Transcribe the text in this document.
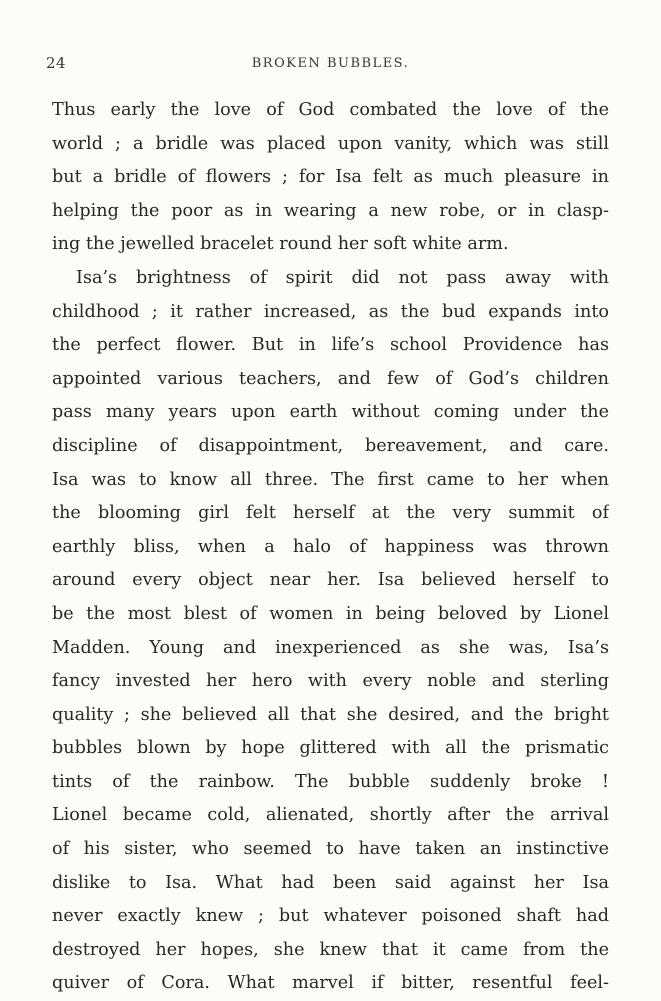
24	BROKEN BUBBLES.
Thus early the love of God combated the love of the
world ; a bridle was placed upon vanity, which was still
but a bridle of flowers ; for Isa felt as much pleasure in
helping the poor as in wearing a new robe, or in clasp-
ing the jewelled bracelet round her soft white arm.
Isa’s brightness of spirit did not pass away with
childhood ; it rather increased, as the bud expands into
the perfect flower. But in life’s school Providence has
appointed various teachers, and few of God’s children
pass many years upon earth without coming under the
discipline of disappointment, bereavement, and care.
Isa was to know all three. The first came to her when
the blooming girl felt herself at the very summit of
earthly bliss, when a halo of happiness was thrown
around every object near her. Isa believed herself to
be the most blest of women in being beloved by Lionel
Madden. Young and inexperienced as she was, Isa’s
fancy invested her hero with every noble and sterling
quality ; she believed all that she desired, and the bright
bubbles blown by hope glittered with all the prismatic
tints of the rainbow. The bubble suddenly broke !
Lionel became cold, alienated, shortly after the arrival
of his sister, who seemed to have taken an instinctive
dislike to Isa. What had been said against her Isa
never exactly knew ; but whatever poisoned shaft had
destroyed her hopes, she knew that it came from the
quiver of Cora. What marvel if bitter, resentful feel-
